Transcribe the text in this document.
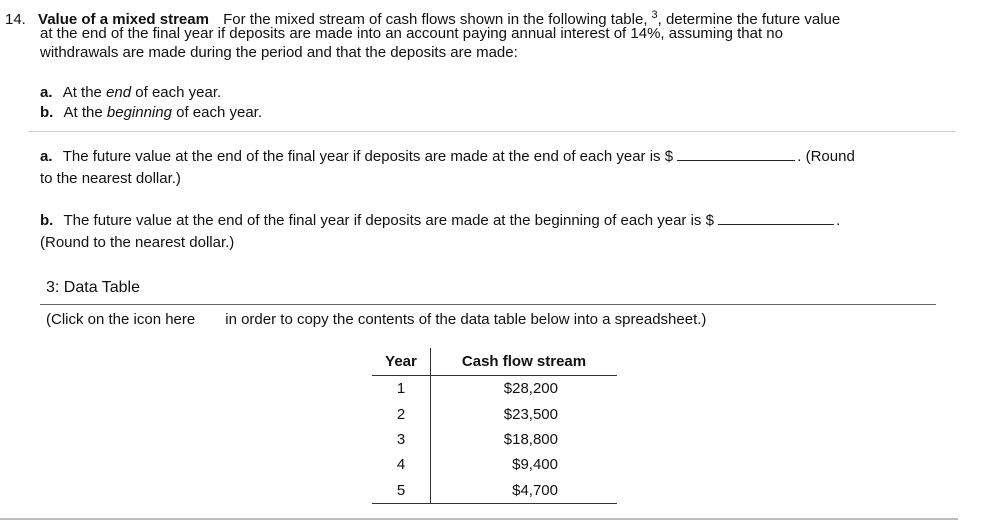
14. Value of a mixed stream For the mixed stream of cash flows shown in the following table, $^3$, determine the future value
at the end of the final year if deposits are made into an account paying annual interest of 14%, assuming that no
withdrawals are made during the period and that the deposits are made:
a. At the end of each year.
b. At the beginning of each year.
a. The future value at the end of the final year if deposits are made at the end of each year is $	. (Round
to the nearest dollar.)
b. The future value at the end of the final year if deposits are made at the beginning of each year is $	.
(Round to the nearest dollar.)
3: Data Table
(Click on the icon here in order to copy the contents of the data table below into a spreadsheet.)
Year	Cash flow stream
1	$28,200
2	$23,500
3	$18,800
4	$9,400
5	$4,700
